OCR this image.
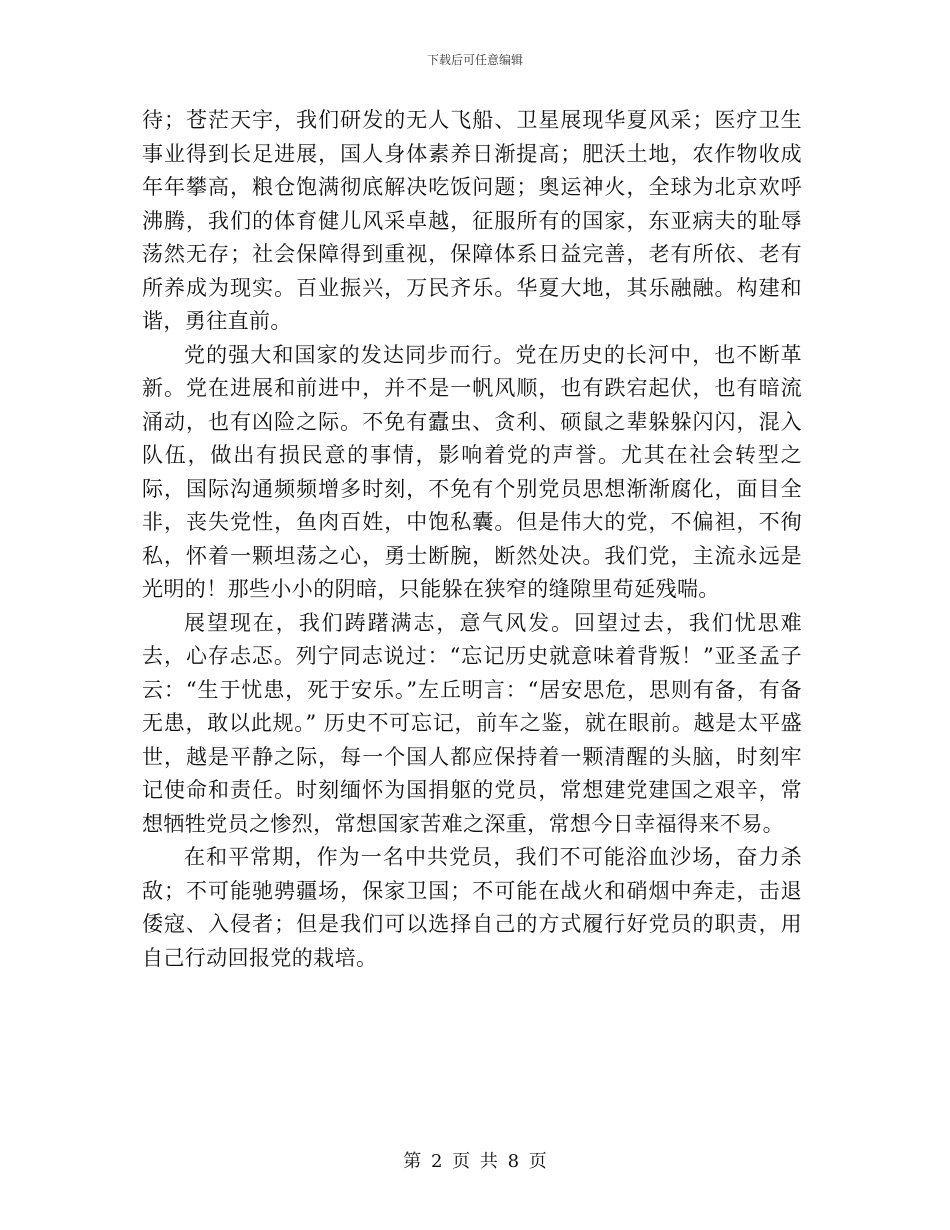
下载后可任意编辑

待；苍茫天宇，我们研发的无人飞船、卫星展现华夏风采；医疗卫生事业得到长足进展，国人身体素养日渐提高；肥沃土地，农作物收成年年攀高，粮仓饱满彻底解决吃饭问题；奥运神火，全球为北京欢呼沸腾，我们的体育健儿风采卓越，征服所有的国家，东亚病夫的耻辱荡然无存；社会保障得到重视，保障体系日益完善，老有所依、老有所养成为现实。百业振兴，万民齐乐。华夏大地，其乐融融。构建和谐，勇往直前。

党的强大和国家的发达同步而行。党在历史的长河中，也不断革新。党在进展和前进中，并不是一帆风顺，也有跌宕起伏，也有暗流涌动，也有凶险之际。不免有蠹虫、贪利、硕鼠之辈躲躲闪闪，混入队伍，做出有损民意的事情，影响着党的声誉。尤其在社会转型之际，国际沟通频频增多时刻，不免有个别党员思想渐渐腐化，面目全非，丧失党性，鱼肉百姓，中饱私囊。但是伟大的党，不偏袒，不徇私，怀着一颗坦荡之心，勇士断腕，断然处决。我们党，主流永远是光明的！那些小小的阴暗，只能躲在狭窄的缝隙里苟延残喘。

展望现在，我们踌躇满志，意气风发。回望过去，我们忧思难去，心存忐忑。列宁同志说过：“忘记历史就意味着背叛！”亚圣孟子云：“生于忧患，死于安乐。”左丘明言：“居安思危，思则有备，有备无患，敢以此规。” 历史不可忘记，前车之鉴，就在眼前。越是太平盛世，越是平静之际，每一个国人都应保持着一颗清醒的头脑，时刻牢记使命和责任。时刻缅怀为国捐躯的党员，常想建党建国之艰辛，常想牺牲党员之惨烈，常想国家苦难之深重，常想今日幸福得来不易。

在和平常期，作为一名中共党员，我们不可能浴血沙场，奋力杀敌；不可能驰骋疆场，保家卫国；不可能在战火和硝烟中奔走，击退倭寇、入侵者；但是我们可以选择自己的方式履行好党员的职责，用自己行动回报党的栽培。

第 2 页 共 8 页
